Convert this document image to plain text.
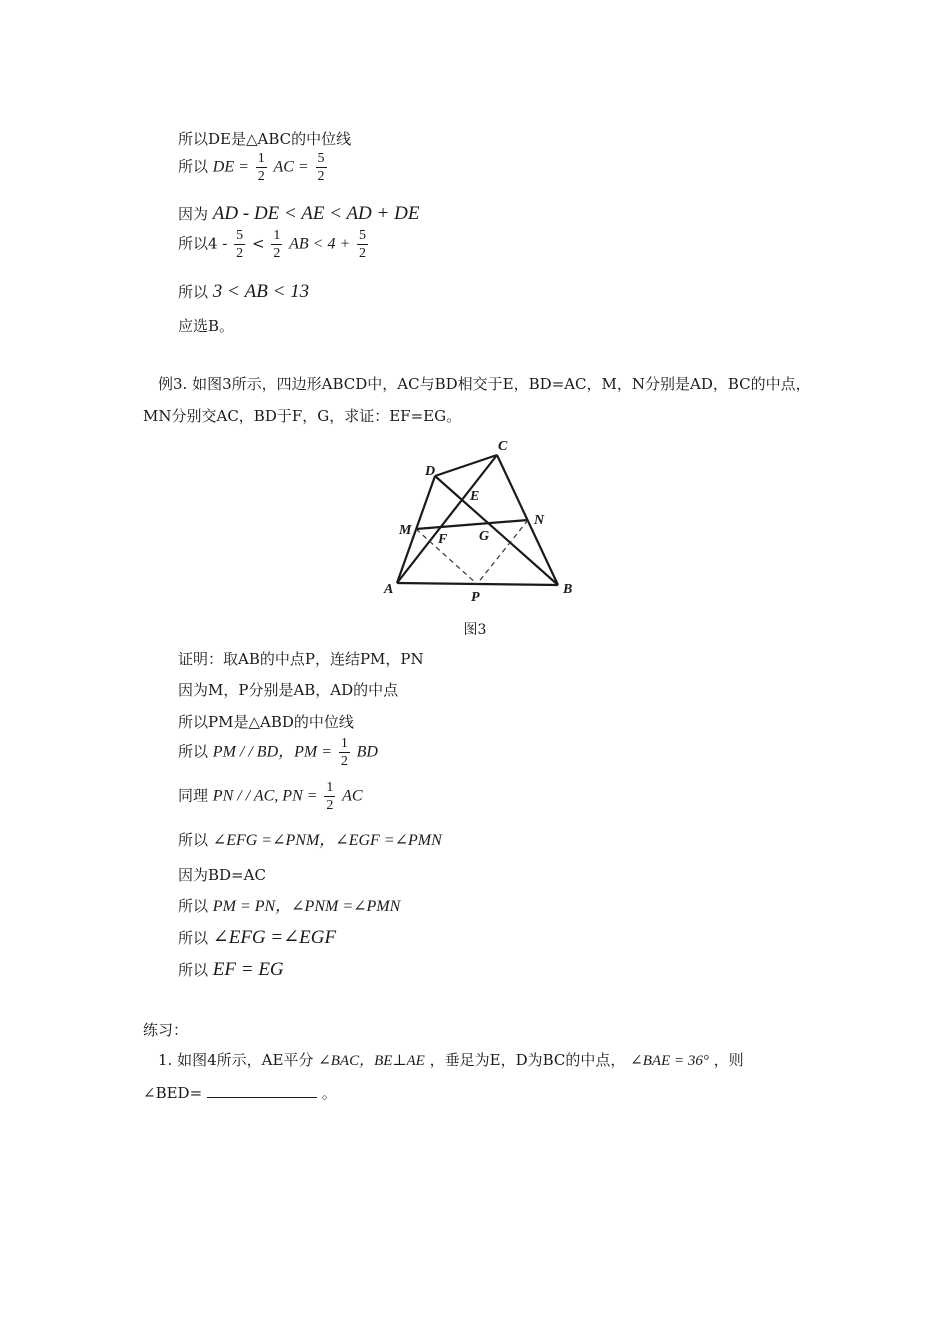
所以DE是△ABC的中位线
所以 DE = $\frac{1}{2}$ AC = $\frac{5}{2}$
因为 AD - DE < AE < AD + DE
所以$4 - \frac{5}{2} < \frac{1}{2}$ AB < $4 + \frac{5}{2}$
所以 3 < AB < 13
应选B。
例3. 如图3所示，四边形ABCD中，AC与BD相交于E，BD=AC，M，N分别是AD，BC的中点，
MN分别交AC，BD于F，G，求证：EF=EG。
A	B
C
D
E
F G
M
N
P
图3
证明：取AB的中点P，连结PM，PN
因为M，P分别是AB，AD的中点
所以PM是△ABD的中位线
所以 PM / / BD，PM = $\frac{1}{2}$ BD
同理 PN / / AC, PN = $\frac{1}{2}$ AC
所以 ∠EFG =∠PNM，∠EGF =∠PMN
因为BD=AC
所以 PM = PN，∠PNM =∠PMN
所以 ∠EFG =∠EGF
所以 EF = EG
练习：
1. 如图4所示，AE平分 ∠BAC，BE⊥AE ，垂足为E，D为BC的中点， ∠BAE = 36° ，则
∠BED=	。
